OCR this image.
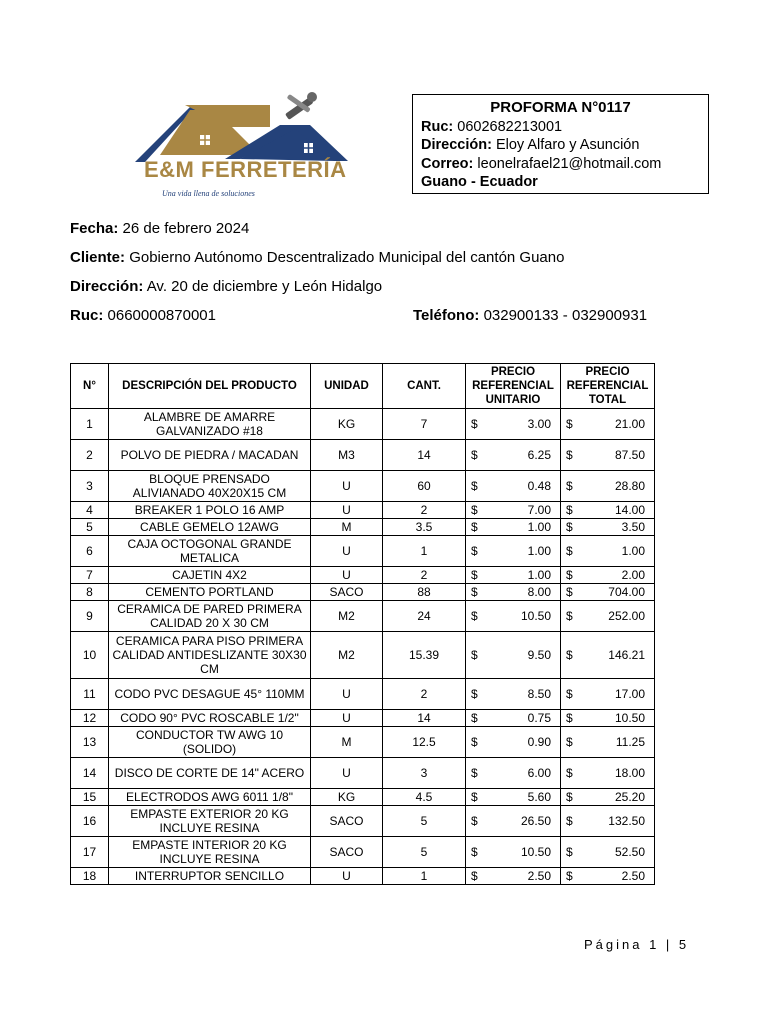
E&M FERRETERÍA
Una vida llena de soluciones
PROFORMA N°0117
Ruc: 0602682213001
Dirección: Eloy Alfaro y Asunción
Correo: leonelrafael21@hotmail.com
Guano - Ecuador
Fecha: 26 de febrero 2024
Cliente: Gobierno Autónomo Descentralizado Municipal del cantón Guano
Dirección: Av. 20 de diciembre y León Hidalgo
Ruc: 0660000870001	Teléfono: 032900133 - 032900931
N°	DESCRIPCIÓN DEL PRODUCTO	UNIDAD	CANT.	PRECIO REFERENCIAL UNITARIO	PRECIO REFERENCIAL TOTAL
1	ALAMBRE DE AMARRE GALVANIZADO #18	KG	7	$ 3.00	$ 21.00
2	POLVO DE PIEDRA / MACADAN	M3	14	$ 6.25	$ 87.50
3	BLOQUE PRENSADO ALIVIANADO 40X20X15 CM	U	60	$ 0.48	$ 28.80
4	BREAKER 1 POLO 16 AMP	U	2	$ 7.00	$ 14.00
5	CABLE GEMELO 12AWG	M	3.5	$ 1.00	$ 3.50
6	CAJA OCTOGONAL GRANDE METALICA	U	1	$ 1.00	$ 1.00
7	CAJETIN 4X2	U	2	$ 1.00	$ 2.00
8	CEMENTO PORTLAND	SACO	88	$ 8.00	$ 704.00
9	CERAMICA DE PARED PRIMERA CALIDAD 20 X 30 CM	M2	24	$ 10.50	$ 252.00
10	CERAMICA PARA PISO PRIMERA CALIDAD ANTIDESLIZANTE 30X30 CM	M2	15.39	$ 9.50	$ 146.21
11	CODO PVC DESAGUE 45° 110MM	U	2	$ 8.50	$ 17.00
12	CODO 90° PVC ROSCABLE 1/2"	U	14	$ 0.75	$ 10.50
13	CONDUCTOR TW AWG 10 (SOLIDO)	M	12.5	$ 0.90	$ 11.25
14	DISCO DE CORTE DE 14" ACERO	U	3	$ 6.00	$ 18.00
15	ELECTRODOS AWG 6011 1/8"	KG	4.5	$ 5.60	$ 25.20
16	EMPASTE EXTERIOR 20 KG INCLUYE RESINA	SACO	5	$ 26.50	$ 132.50
17	EMPASTE INTERIOR 20 KG INCLUYE RESINA	SACO	5	$ 10.50	$ 52.50
18	INTERRUPTOR SENCILLO	U	1	$ 2.50	$ 2.50
Página 1 | 5
